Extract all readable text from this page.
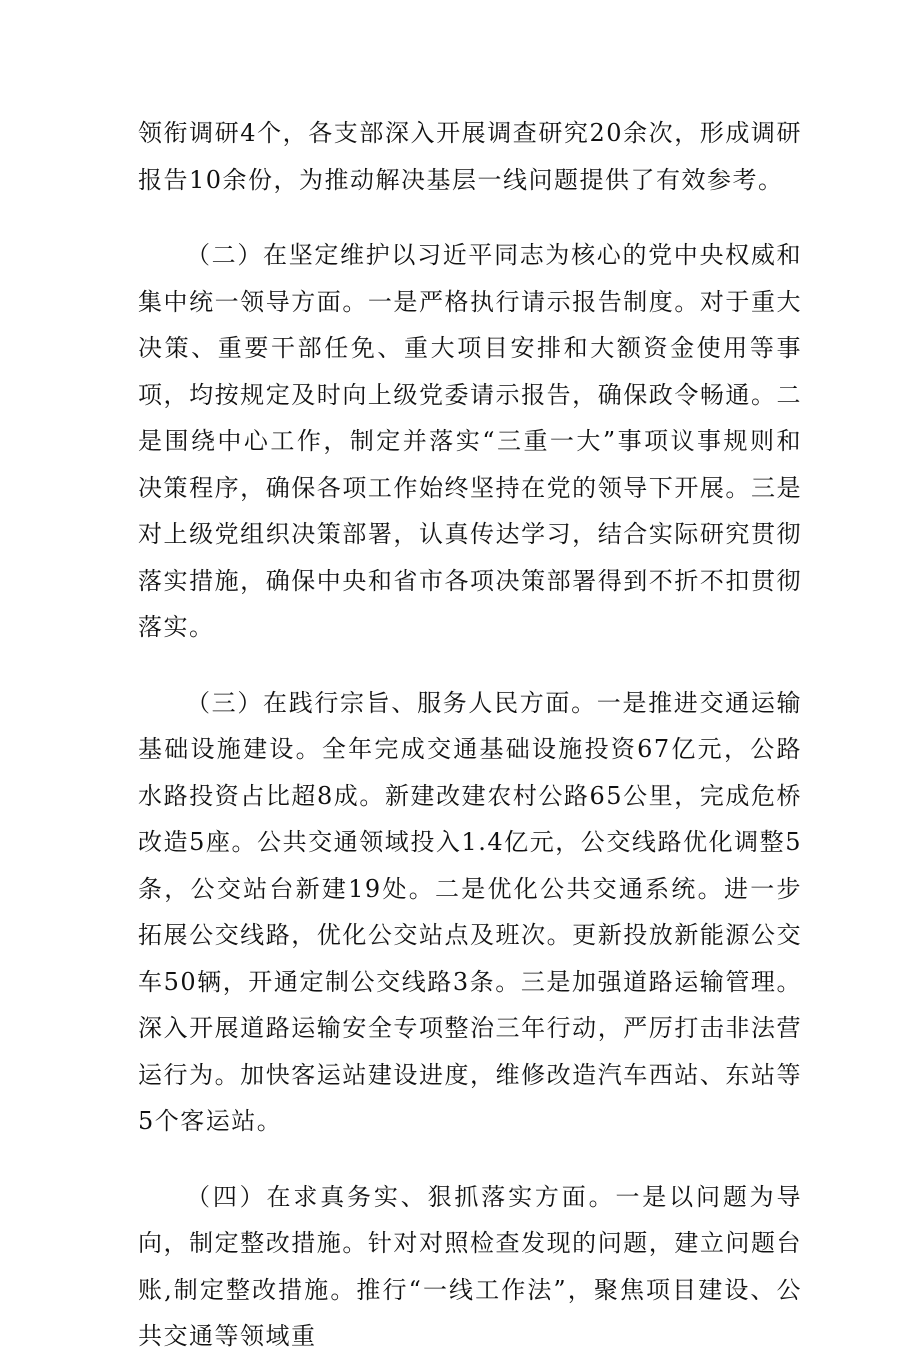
领衔调研4个，各支部深入开展调查研究20余次，形成调研报告10余份，为推动解决基层一线问题提供了有效参考。

（二）在坚定维护以习近平同志为核心的党中央权威和集中统一领导方面。一是严格执行请示报告制度。对于重大决策、重要干部任免、重大项目安排和大额资金使用等事项，均按规定及时向上级党委请示报告，确保政令畅通。二是围绕中心工作，制定并落实“三重一大”事项议事规则和决策程序，确保各项工作始终坚持在党的领导下开展。三是对上级党组织决策部署，认真传达学习，结合实际研究贯彻落实措施，确保中央和省市各项决策部署得到不折不扣贯彻落实。

（三）在践行宗旨、服务人民方面。一是推进交通运输基础设施建设。全年完成交通基础设施投资67亿元，公路水路投资占比超8成。新建改建农村公路65公里，完成危桥改造5座。公共交通领域投入1.4亿元，公交线路优化调整5条，公交站台新建19处。二是优化公共交通系统。进一步拓展公交线路，优化公交站点及班次。更新投放新能源公交车50辆，开通定制公交线路3条。三是加强道路运输管理。深入开展道路运输安全专项整治三年行动，严厉打击非法营运行为。加快客运站建设进度，维修改造汽车西站、东站等5个客运站。

（四）在求真务实、狠抓落实方面。一是以问题为导向，制定整改措施。针对对照检查发现的问题，建立问题台账,制定整改措施。推行“一线工作法”，聚焦项目建设、公共交通等领域重
